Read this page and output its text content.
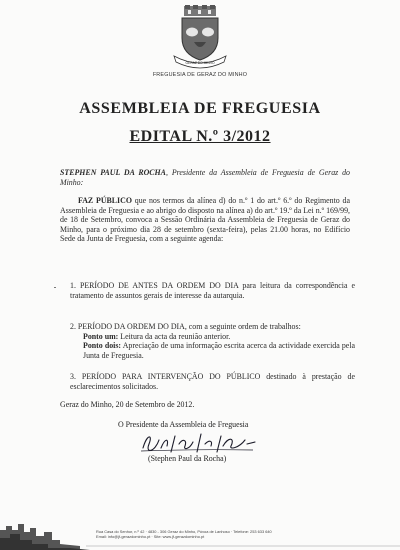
GERAZ DO MINHO
FREGUESIA DE GERAZ DO MINHO
ASSEMBLEIA DE FREGUESIA
EDITAL N.º 3/2012
STEPHEN PAUL DA ROCHA, Presidente da Assembleia de Freguesia de Geraz do Minho:
FAZ PÚBLICO que nos termos da alínea d) do n.º 1 do art.º 6.º do Regimento da Assembleia de Freguesia e ao abrigo do disposto na alínea a) do art.º 19.º da Lei n.º 169/99, de 18 de Setembro, convoca a Sessão Ordinária da Assembleia de Freguesia de Geraz do Minho, para o próximo dia 28 de setembro (sexta-feira), pelas 21.00 horas, no Edifício Sede da Junta de Freguesia, com a seguinte agenda:
1. PERÍODO DE ANTES DA ORDEM DO DIA para leitura da correspondência e tratamento de assuntos gerais de interesse da autarquia.
2. PERÍODO DA ORDEM DO DIA, com a seguinte ordem de trabalhos:

Ponto um: Leitura da acta da reunião anterior.
Ponto dois: Apreciação de uma informação escrita acerca da actividade exercida pela Junta de Freguesia.
3. PERÍODO PARA INTERVENÇÃO DO PÚBLICO destinado à prestação de esclarecimentos solicitados.
Geraz do Minho, 20 de Setembro de 2012.
O Presidente da Assembleia de Freguesia
(Stephen Paul da Rocha)
Rua Casa do Senhor, n.º 42 · 4830 - 306 Geraz do Minho, Póvoa de Lanhoso · Telefone: 253 633 640
Email: info@jf-gerazdominho.pt · Site: www.jf-gerazdominho.pt
